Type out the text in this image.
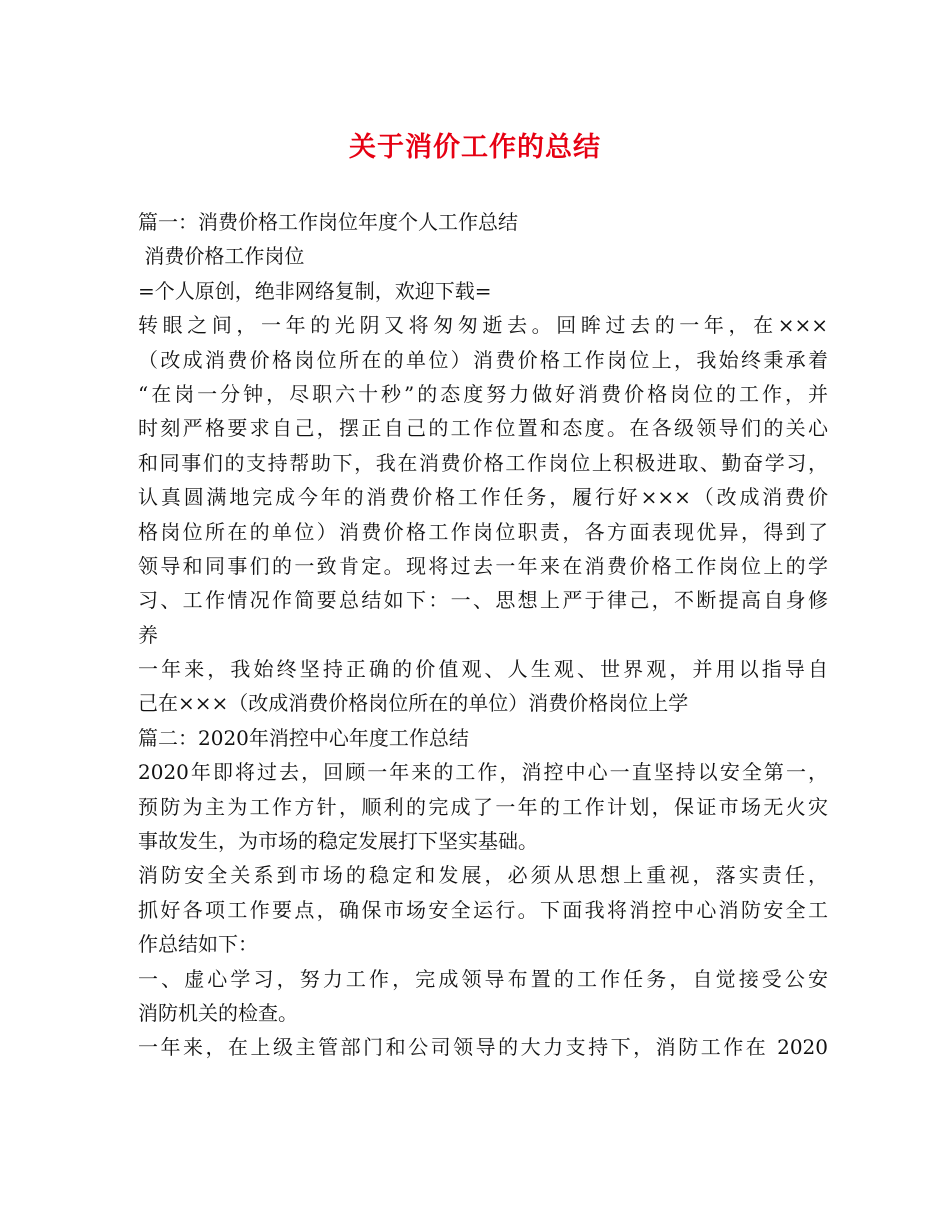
关于消价工作的总结
篇一：消费价格工作岗位年度个人工作总结
消费价格工作岗位
=个人原创，绝非网络复制，欢迎下载=
转眼之间，一年的光阴又将匆匆逝去。回眸过去的一年，在×××
（改成消费价格岗位所在的单位）消费价格工作岗位上，我始终秉承着
“在岗一分钟，尽职六十秒”的态度努力做好消费价格岗位的工作，并
时刻严格要求自己，摆正自己的工作位置和态度。在各级领导们的关心
和同事们的支持帮助下，我在消费价格工作岗位上积极进取、勤奋学习，
认真圆满地完成今年的消费价格工作任务，履行好×××（改成消费价
格岗位所在的单位）消费价格工作岗位职责，各方面表现优异，得到了
领导和同事们的一致肯定。现将过去一年来在消费价格工作岗位上的学
习、工作情况作简要总结如下：一、思想上严于律己，不断提高自身修
养
一年来，我始终坚持正确的价值观、人生观、世界观，并用以指导自
己在×××（改成消费价格岗位所在的单位）消费价格岗位上学
篇二：2020年消控中心年度工作总结
2020年即将过去，回顾一年来的工作，消控中心一直坚持以安全第一，
预防为主为工作方针，顺利的完成了一年的工作计划，保证市场无火灾
事故发生，为市场的稳定发展打下坚实基础。
消防安全关系到市场的稳定和发展，必须从思想上重视，落实责任，
抓好各项工作要点，确保市场安全运行。下面我将消控中心消防安全工
作总结如下：
一、虚心学习，努力工作，完成领导布置的工作任务，自觉接受公安
消防机关的检查。
一年来，在上级主管部门和公司领导的大力支持下，消防工作在 2020
